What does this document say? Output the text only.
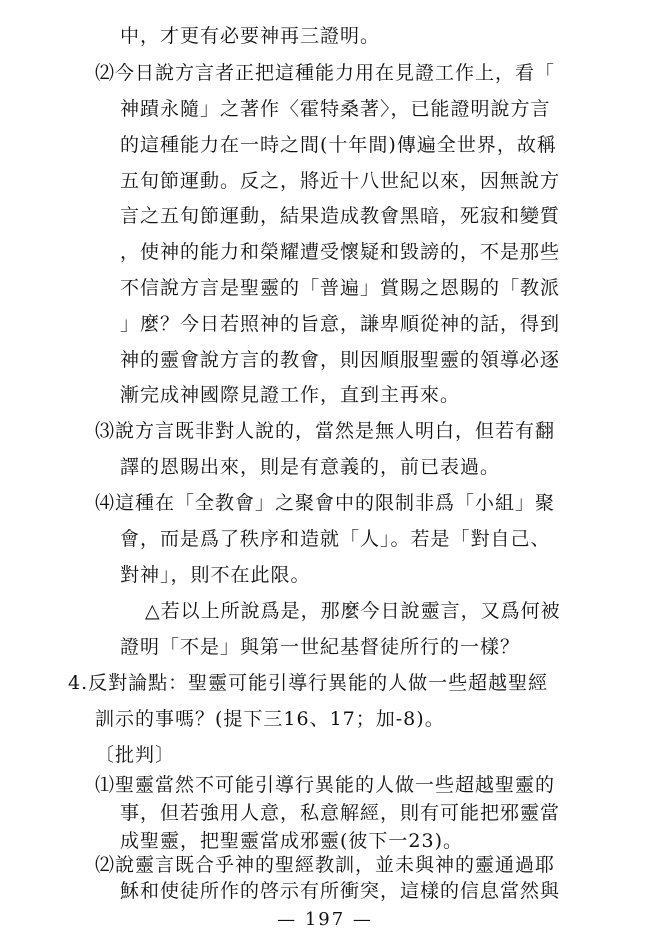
中，才更有必要神再三證明。
⑵今日說方言者正把這種能力用在見證工作上，看「
神蹟永隨」之著作〈霍特桑著〉，已能證明說方言
的這種能力在一時之間(十年間)傳遍全世界，故稱
五旬節運動。反之，將近十八世紀以來，因無說方
言之五旬節運動，結果造成教會黑暗，死寂和變質
，使神的能力和榮耀遭受懷疑和毀謗的，不是那些
不信說方言是聖靈的「普遍」賞賜之恩賜的「教派
」麼？今日若照神的旨意，謙卑順從神的話，得到
神的靈會說方言的教會，則因順服聖靈的領導必逐
漸完成神國際見證工作，直到主再來。
⑶說方言既非對人說的，當然是無人明白，但若有翻
譯的恩賜出來，則是有意義的，前已表過。
⑷這種在「全教會」之聚會中的限制非爲「小組」聚
會，而是爲了秩序和造就「人」。若是「對自己、
對神」，則不在此限。
△若以上所說爲是，那麼今日說靈言，又爲何被
證明「不是」與第一世紀基督徒所行的一樣？
4.反對論點：聖靈可能引導行異能的人做一些超越聖經
訓示的事嗎？(提下三16、17；加-8)。
〔批判〕
⑴聖靈當然不可能引導行異能的人做一些超越聖靈的
事，但若強用人意，私意解經，則有可能把邪靈當
成聖靈，把聖靈當成邪靈(彼下一23)。
⑵說靈言既合乎神的聖經教訓，並未與神的靈通過耶
穌和使徒所作的啓示有所衝突，這樣的信息當然與
— 197 —
